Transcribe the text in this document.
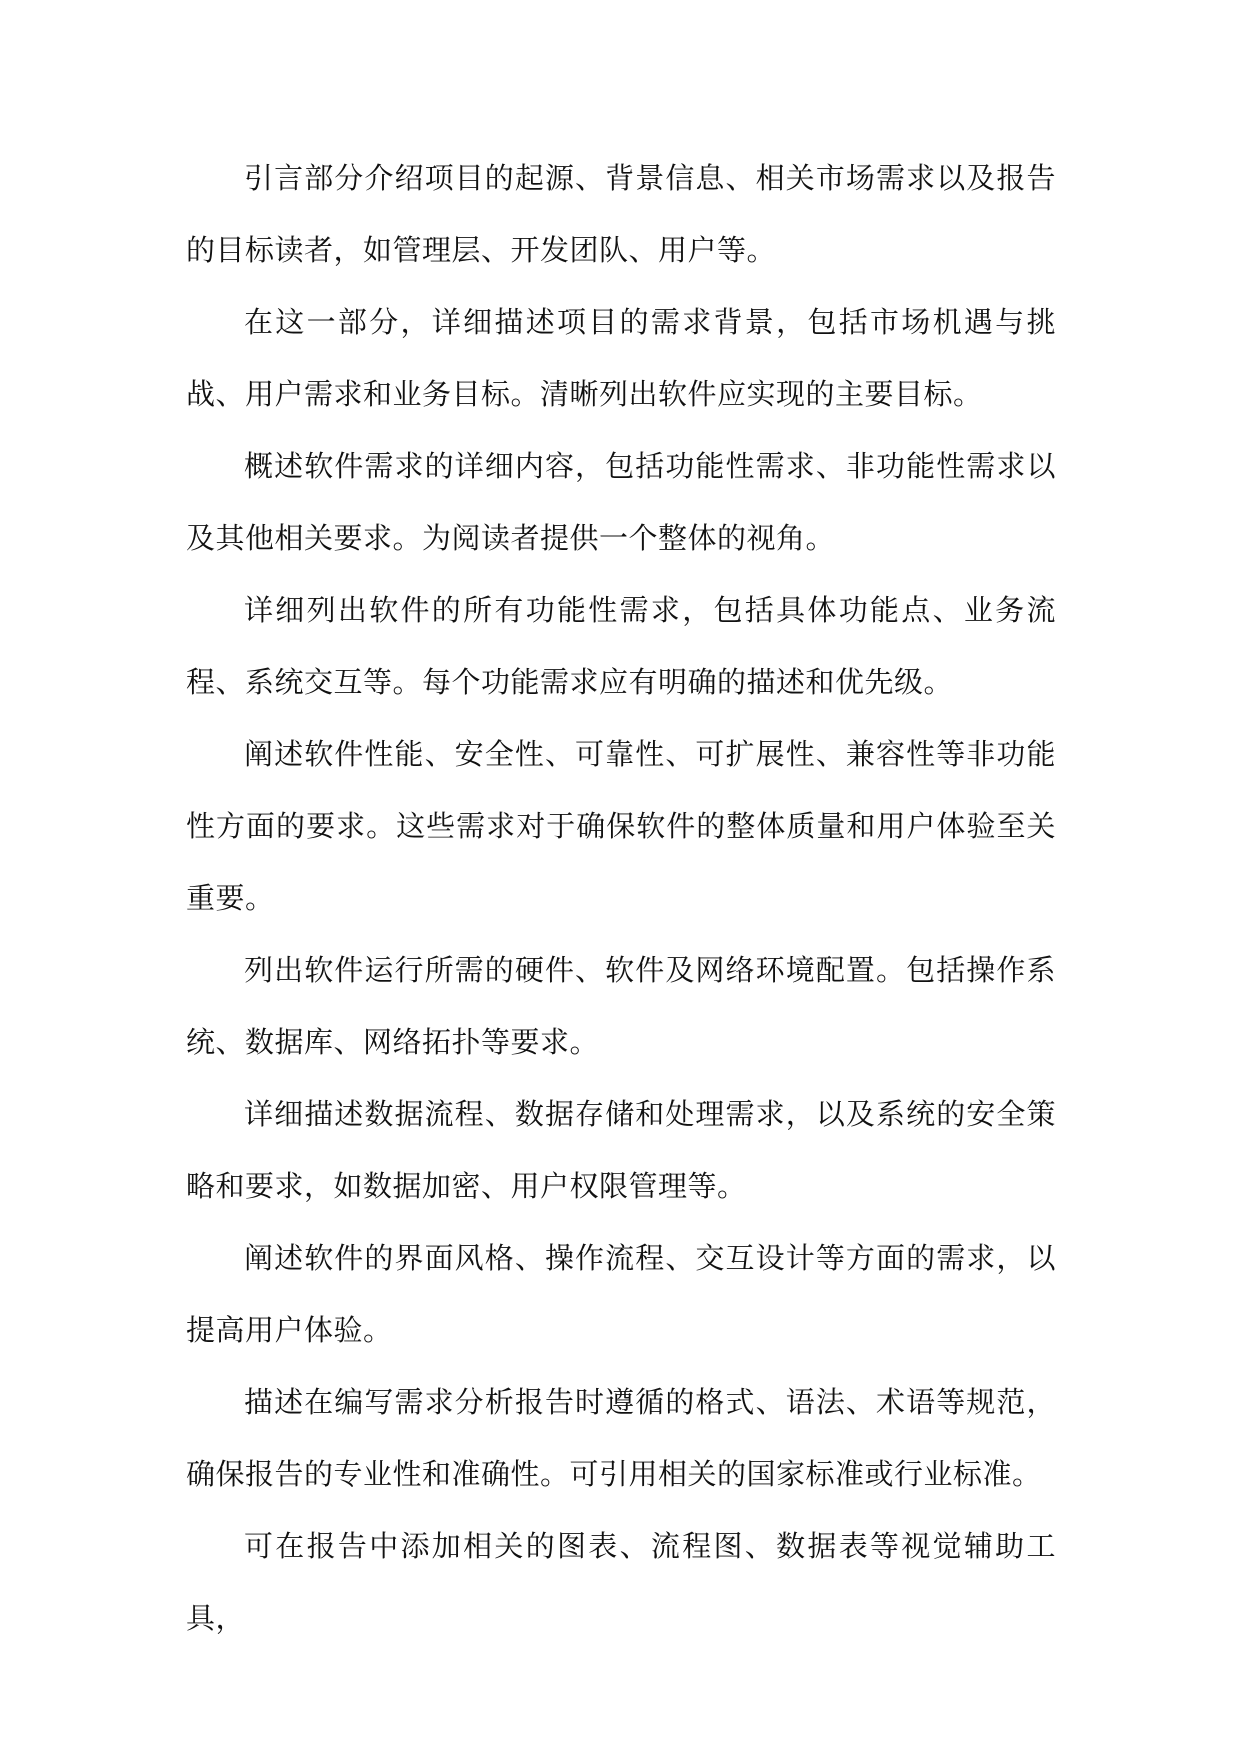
引言部分介绍项目的起源、背景信息、相关市场需求以及报告的目标读者，如管理层、开发团队、用户等。

在这一部分，详细描述项目的需求背景，包括市场机遇与挑战、用户需求和业务目标。清晰列出软件应实现的主要目标。

概述软件需求的详细内容，包括功能性需求、非功能性需求以及其他相关要求。为阅读者提供一个整体的视角。

详细列出软件的所有功能性需求，包括具体功能点、业务流程、系统交互等。每个功能需求应有明确的描述和优先级。

阐述软件性能、安全性、可靠性、可扩展性、兼容性等非功能性方面的要求。这些需求对于确保软件的整体质量和用户体验至关重要。

列出软件运行所需的硬件、软件及网络环境配置。包括操作系统、数据库、网络拓扑等要求。

详细描述数据流程、数据存储和处理需求，以及系统的安全策略和要求，如数据加密、用户权限管理等。

阐述软件的界面风格、操作流程、交互设计等方面的需求，以提高用户体验。

描述在编写需求分析报告时遵循的格式、语法、术语等规范，确保报告的专业性和准确性。可引用相关的国家标准或行业标准。

可在报告中添加相关的图表、流程图、数据表等视觉辅助工具，
